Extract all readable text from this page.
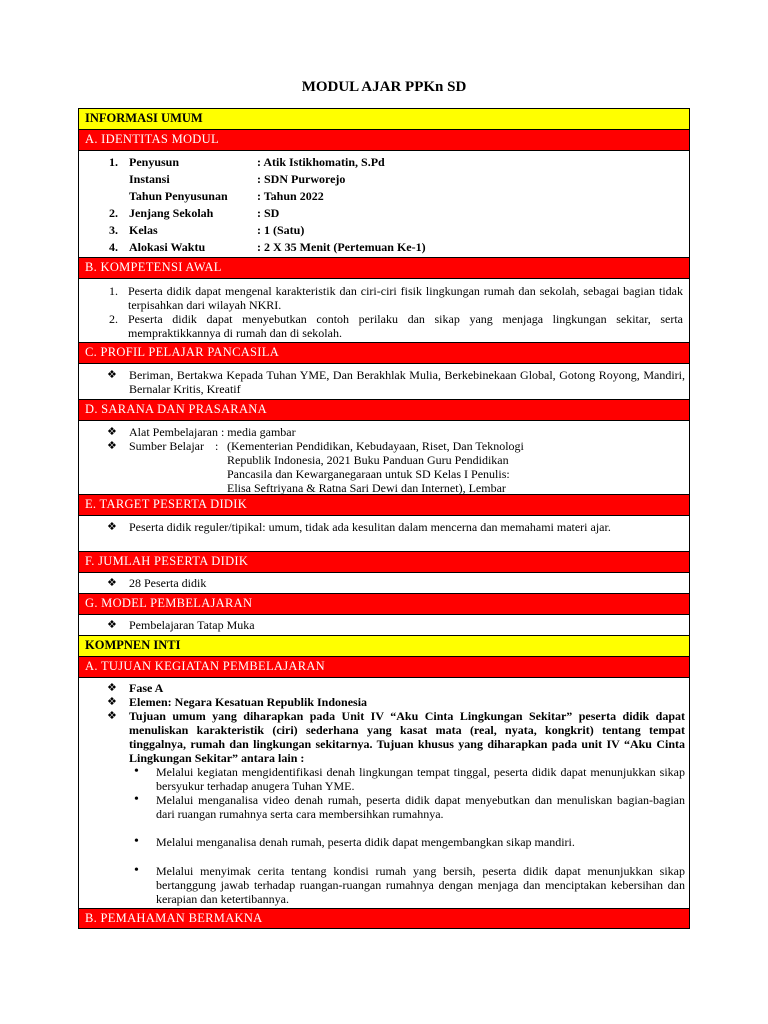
MODUL AJAR PPKn SD
INFORMASI UMUM
A. IDENTITAS MODUL
1. Penyusun	: Atik Istikhomatin, S.Pd
Instansi	: SDN Purworejo
Tahun Penyusunan : Tahun 2022
2. Jenjang Sekolah	: SD
3. Kelas	: 1 (Satu)
4. Alokasi Waktu	: 2 X 35 Menit (Pertemuan Ke-1)
B. KOMPETENSI AWAL
1. Peserta didik dapat mengenal karakteristik dan ciri-ciri fisik lingkungan rumah dan sekolah, sebagai bagian tidak terpisahkan dari wilayah NKRI.
2. Peserta didik dapat menyebutkan contoh perilaku dan sikap yang menjaga lingkungan sekitar, serta mempraktikkannya di rumah dan di sekolah.
C. PROFIL PELAJAR PANCASILA
❖ Beriman, Bertakwa Kepada Tuhan YME, Dan Berakhlak Mulia, Berkebinekaan Global, Gotong Royong, Mandiri, Bernalar Kritis, Kreatif
D. SARANA DAN PRASARANA
❖ Alat Pembelajaran : media gambar
❖ Sumber Belajar : (Kementerian Pendidikan, Kebudayaan, Riset, Dan Teknologi Republik Indonesia, 2021 Buku Panduan Guru Pendidikan Pancasila dan Kewarganegaraan untuk SD Kelas I Penulis: Elisa Seftriyana & Ratna Sari Dewi dan Internet), Lembar
E. TARGET PESERTA DIDIK
❖ Peserta didik reguler/tipikal: umum, tidak ada kesulitan dalam mencerna dan memahami materi ajar.
F. JUMLAH PESERTA DIDIK
❖ 28 Peserta didik
G. MODEL PEMBELAJARAN
❖ Pembelajaran Tatap Muka
KOMPNEN INTI
A. TUJUAN KEGIATAN PEMBELAJARAN
❖ Fase A
❖ Elemen: Negara Kesatuan Republik Indonesia
❖ Tujuan umum yang diharapkan pada Unit IV “Aku Cinta Lingkungan Sekitar” peserta didik dapat menuliskan karakteristik (ciri) sederhana yang kasat mata (real, nyata, kongkrit) tentang tempat tinggalnya, rumah dan lingkungan sekitarnya. Tujuan khusus yang diharapkan pada unit IV “Aku Cinta Lingkungan Sekitar” antara lain :
• Melalui kegiatan mengidentifikasi denah lingkungan tempat tinggal, peserta didik dapat menunjukkan sikap bersyukur terhadap anugera Tuhan YME.
• Melalui menganalisa video denah rumah, peserta didik dapat menyebutkan dan menuliskan bagian-bagian dari ruangan rumahnya serta cara membersihkan rumahnya.
• Melalui menganalisa denah rumah, peserta didik dapat mengembangkan sikap mandiri.
• Melalui menyimak cerita tentang kondisi rumah yang bersih, peserta didik dapat menunjukkan sikap bertanggung jawab terhadap ruangan-ruangan rumahnya dengan menjaga dan menciptakan kebersihan dan kerapian dan ketertibannya.
B. PEMAHAMAN BERMAKNA
